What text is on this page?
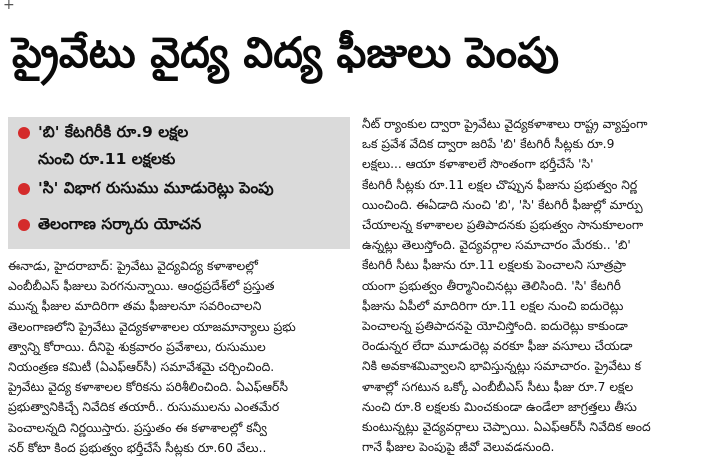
+
ప్రైవేటు వైద్య విద్య ఫీజులు పెంపు
'బి' కేటగిరీకి రూ.9 లక్షల
నుంచి రూ.11 లక్షలకు
'సి' విభాగ రుసుము మూడురెట్లు పెంపు
తెలంగాణ సర్కారు యోచన
ఈనాడు, హైదరాబాద్: ప్రైవేటు వైద్యవిద్య కళాశాలల్లో
ఎంబీబీఎస్ ఫీజులు పెరగనున్నాయి. ఆంధ్రప్రదేశ్‌లో ప్రస్తుత
మున్న ఫీజుల మాదిరిగా తమ ఫీజులనూ సవరించాలని
తెలంగాణలోని ప్రైవేటు వైద్యకళాశాలల యాజమాన్యాలు ప్రభు
త్వాన్ని కోరాయి. దీనిపై శుక్రవారం ప్రవేశాలు, రుసుముల
నియంత్రణ కమిటీ (ఏఎఫ్ఆర్‌సీ) సమావేశమై చర్చించింది.
ప్రైవేటు వైద్య కళాశాలల కోరికను పరిశీలించింది. ఏఎఫ్ఆర్‌సీ
ప్రభుత్వానికిచ్చే నివేదిక తయారీ.. రుసుములను ఎంతమేర
పెంచాలన్నది నిర్ణయిస్తారు. ప్రస్తుతం ఈ కళాశాలల్లో కన్వీ
నర్ కోటా కింద ప్రభుత్వం భర్తీచేసే సీట్లకు రూ.60 వేలు..
నీట్ ర్యాంకుల ద్వారా ప్రైవేటు వైద్యకళాశాలు రాష్ట్ర వ్యాప్తంగా
ఒక ప్రవేశ వేదిక ద్వారా జరిపే 'బి' కేటగిరీ సీట్లకు రూ.9
లక్షలు... ఆయా కళాశాలలే సొంతంగా భర్తీచేసే 'సి'
కేటగిరీ సీట్లకు రూ.11 లక్షల చొప్పున ఫీజును ప్రభుత్వం నిర్ణ
యించింది. ఈఏడాది నుంచి 'బి', 'సి' కేటగిరీ ఫీజుల్లో మార్పు
చేయాలన్న కళాశాలల ప్రతిపాదనకు ప్రభుత్వం సానుకూలంగా
ఉన్నట్లు తెలుస్తోంది. వైద్యవర్గాల సమాచారం మేరకు.. 'బి'
కేటగిరీ సీటు ఫీజును రూ.11 లక్షలకు పెంచాలని సూత్రప్రా
యంగా ప్రభుత్వం తీర్మానించినట్లు తెలిసింది. 'సి' కేటగిరీ
ఫీజును ఏపీలో మాదిరిగా రూ.11 లక్షల నుంచి ఐదురెట్లు
పెంచాలన్న ప్రతిపాదనపై యోచిస్తోంది. ఐదురెట్లు కాకుండా
రెండున్నర లేదా మూడురెట్ల వరకూ ఫీజు వసూలు చేయడా
నికి అవకాశమివ్వాలని భావిస్తున్నట్లు సమాచారం. ప్రైవేటు క
ళాశాల్లో సగటున ఒక్కో ఎంబీబీఎస్ సీటు ఫీజు రూ.7 లక్షల
నుంచి రూ.8 లక్షలకు మించకుండా ఉండేలా జాగ్రత్తలు తీసు
కుంటున్నట్లు వైద్యవర్గాలు చెప్పాయి. ఏఎఫ్ఆర్‌సీ నివేదిక అంద
గానే ఫీజుల పెంపుపై జీవో వెలువడనుంది.
